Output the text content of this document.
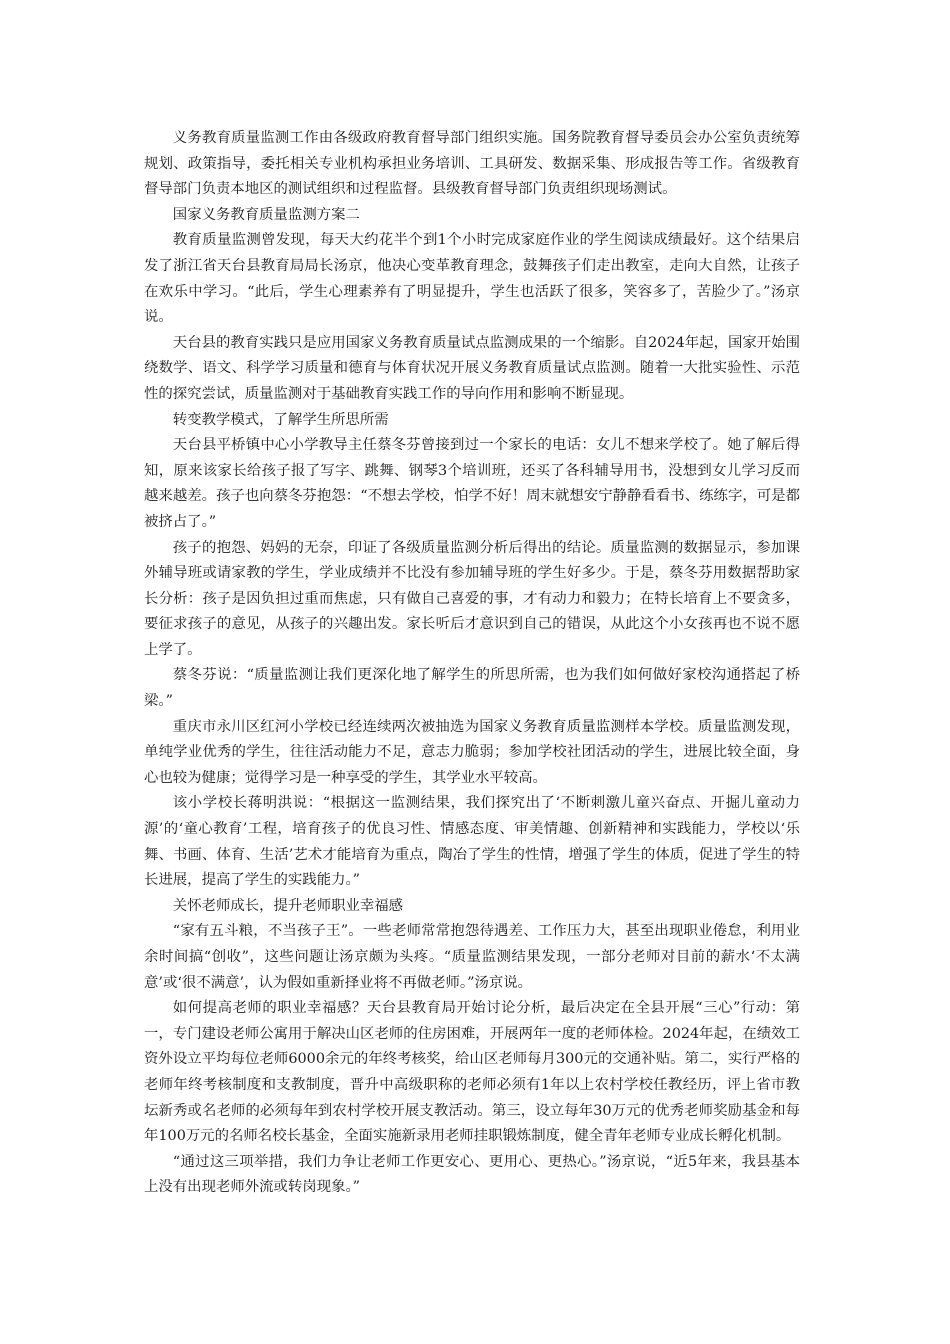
义务教育质量监测工作由各级政府教育督导部门组织实施。国务院教育督导委员会办公室负责统筹规划、政策指导，委托相关专业机构承担业务培训、工具研发、数据采集、形成报告等工作。省级教育督导部门负责本地区的测试组织和过程监督。县级教育督导部门负责组织现场测试。

国家义务教育质量监测方案二

教育质量监测曾发现，每天大约花半个到1个小时完成家庭作业的学生阅读成绩最好。这个结果启发了浙江省天台县教育局局长汤京，他决心变革教育理念，鼓舞孩子们走出教室，走向大自然，让孩子在欢乐中学习。“此后，学生心理素养有了明显提升，学生也活跃了很多，笑容多了，苦脸少了。”汤京说。

天台县的教育实践只是应用国家义务教育质量试点监测成果的一个缩影。自2024年起，国家开始围绕数学、语文、科学学习质量和德育与体育状况开展义务教育质量试点监测。随着一大批实验性、示范性的探究尝试，质量监测对于基础教育实践工作的导向作用和影响不断显现。

转变教学模式，了解学生所思所需

天台县平桥镇中心小学教导主任蔡冬芬曾接到过一个家长的电话：女儿不想来学校了。她了解后得知，原来该家长给孩子报了写字、跳舞、钢琴3个培训班，还买了各科辅导用书，没想到女儿学习反而越来越差。孩子也向蔡冬芬抱怨：“不想去学校，怕学不好！周末就想安宁静静看看书、练练字，可是都被挤占了。”

孩子的抱怨、妈妈的无奈，印证了各级质量监测分析后得出的结论。质量监测的数据显示，参加课外辅导班或请家教的学生，学业成绩并不比没有参加辅导班的学生好多少。于是，蔡冬芬用数据帮助家长分析：孩子是因负担过重而焦虑，只有做自己喜爱的事，才有动力和毅力；在特长培育上不要贪多，要征求孩子的意见，从孩子的兴趣出发。家长听后才意识到自己的错误，从此这个小女孩再也不说不愿上学了。

蔡冬芬说：“质量监测让我们更深化地了解学生的所思所需，也为我们如何做好家校沟通搭起了桥梁。”

重庆市永川区红河小学校已经连续两次被抽选为国家义务教育质量监测样本学校。质量监测发现，单纯学业优秀的学生，往往活动能力不足，意志力脆弱；参加学校社团活动的学生，进展比较全面，身心也较为健康；觉得学习是一种享受的学生，其学业水平较高。

该小学校长蒋明洪说：“根据这一监测结果，我们探究出了‘不断刺激儿童兴奋点、开掘儿童动力源’的‘童心教育’工程，培育孩子的优良习性、情感态度、审美情趣、创新精神和实践能力，学校以‘乐舞、书画、体育、生活’艺术才能培育为重点，陶冶了学生的性情，增强了学生的体质，促进了学生的特长进展，提高了学生的实践能力。”

关怀老师成长，提升老师职业幸福感

“家有五斗粮，不当孩子王”。一些老师常常抱怨待遇差、工作压力大，甚至出现职业倦怠，利用业余时间搞“创收”，这些问题让汤京颇为头疼。“质量监测结果发现，一部分老师对目前的薪水‘不太满意’或‘很不满意’，认为假如重新择业将不再做老师。”汤京说。

如何提高老师的职业幸福感？天台县教育局开始讨论分析，最后决定在全县开展“三心”行动：第一，专门建设老师公寓用于解决山区老师的住房困难，开展两年一度的老师体检。2024年起，在绩效工资外设立平均每位老师6000余元的年终考核奖，给山区老师每月300元的交通补贴。第二，实行严格的老师年终考核制度和支教制度，晋升中高级职称的老师必须有1年以上农村学校任教经历，评上省市教坛新秀或名老师的必须每年到农村学校开展支教活动。第三，设立每年30万元的优秀老师奖励基金和每年100万元的名师名校长基金，全面实施新录用老师挂职锻炼制度，健全青年老师专业成长孵化机制。

“通过这三项举措，我们力争让老师工作更安心、更用心、更热心。”汤京说，“近5年来，我县基本上没有出现老师外流或转岗现象。”
